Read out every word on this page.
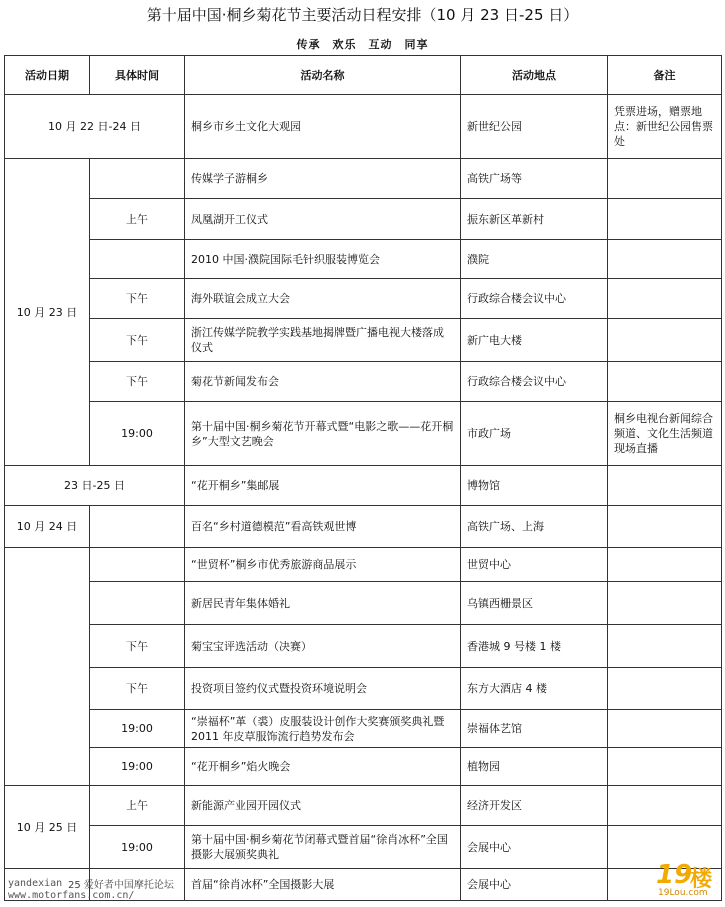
第十届中国·桐乡菊花节主要活动日程安排（10 月 23 日-25 日）
传承　欢乐　互动　同享
活动日期	具体时间	活动名称	活动地点	备注
10 月 22 日-24 日		桐乡市乡土文化大观园	新世纪公园	凭票进场，赠票地点：新世纪公园售票处
10 月 23 日		传媒学子游桐乡	高铁广场等	
	上午	凤凰湖开工仪式	振东新区革新村	
		2010 中国·濮院国际毛针织服装博览会	濮院	
	下午	海外联谊会成立大会	行政综合楼会议中心	
	下午	浙江传媒学院教学实践基地揭牌暨广播电视大楼落成仪式	新广电大楼	
	下午	菊花节新闻发布会	行政综合楼会议中心	
	19:00	第十届中国·桐乡菊花节开幕式暨“电影之歌——花开桐乡”大型文艺晚会	市政广场	桐乡电视台新闻综合频道、文化生活频道现场直播
23 日-25 日		“花开桐乡”集邮展	博物馆	
10 月 24 日		百名“乡村道德模范”看高铁观世博	高铁广场、上海	
		“世贸杯”桐乡市优秀旅游商品展示	世贸中心	
		新居民青年集体婚礼	乌镇西栅景区	
	下午	菊宝宝评选活动（决赛）	香港城 9 号楼 1 楼	
	下午	投资项目签约仪式暨投资环境说明会	东方大酒店 4 楼	
	19:00	“崇福杯”革（裘）皮服装设计创作大奖赛颁奖典礼暨 2011 年皮草服饰流行趋势发布会	崇福体艺馆	
	19:00	“花开桐乡”焰火晚会	植物园	
10 月 25 日	上午	新能源产业园开园仪式	经济开发区	
	19:00	第十届中国·桐乡菊花节闭幕式暨首届“徐肖冰杯”全国摄影大展颁奖典礼	会展中心	
		首届“徐肖冰杯”全国摄影大展	会展中心	
yandexian
www.motorfans.com.cn/
25 爱好者中国摩托论坛	19
楼
19Lou.com
